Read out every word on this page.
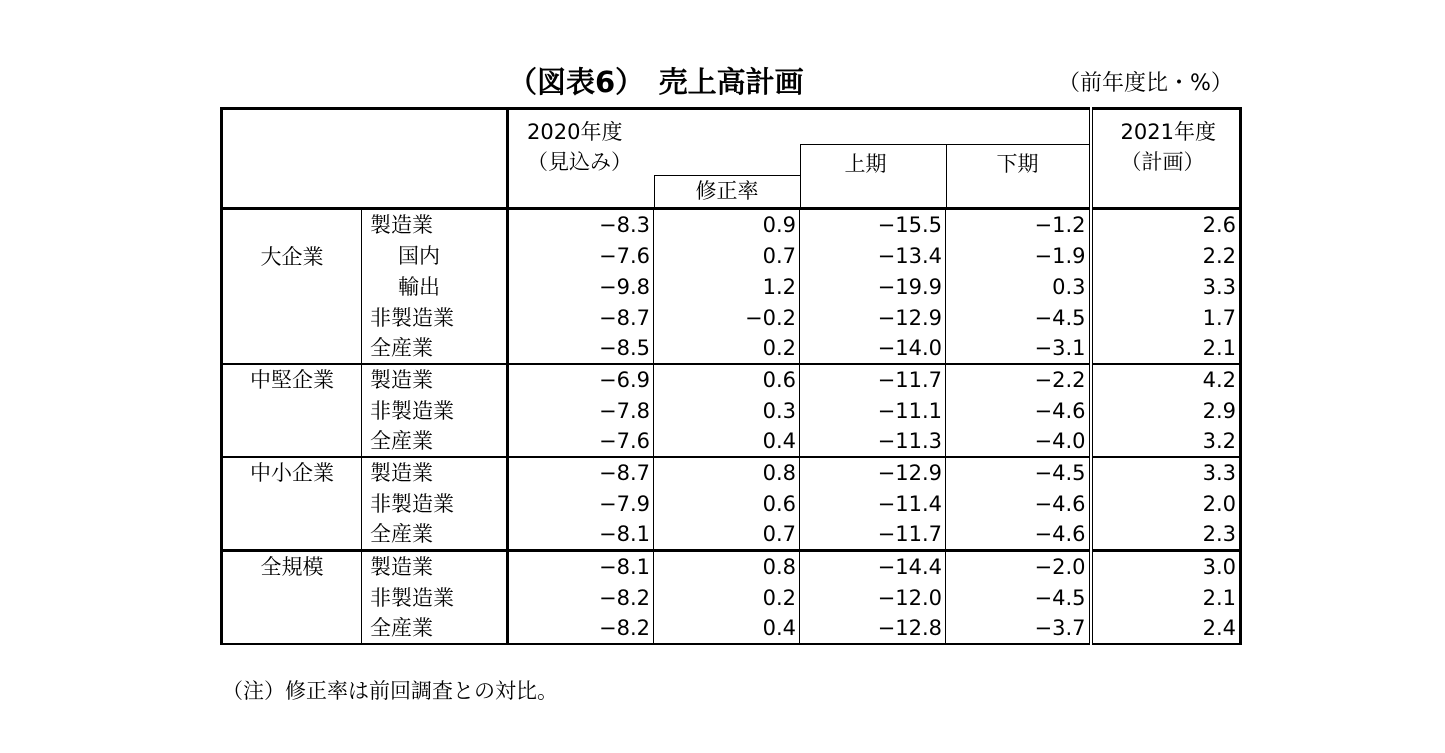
（図表6）　売上高計画	（前年度比・%）
		2020年度
（見込み）	修正率	上期	下期	2021年度
（計画）
大企業	製造業	−8.3	0.9	−15.5	−1.2	2.6
	国内	−7.6	0.7	−13.4	−1.9	2.2
	輸出	−9.8	1.2	−19.9	0.3	3.3
	非製造業	−8.7	−0.2	−12.9	−4.5	1.7
	全産業	−8.5	0.2	−14.0	−3.1	2.1
中堅企業	製造業	−6.9	0.6	−11.7	−2.2	4.2
	非製造業	−7.8	0.3	−11.1	−4.6	2.9
	全産業	−7.6	0.4	−11.3	−4.0	3.2
中小企業	製造業	−8.7	0.8	−12.9	−4.5	3.3
	非製造業	−7.9	0.6	−11.4	−4.6	2.0
	全産業	−8.1	0.7	−11.7	−4.6	2.3
全規模	製造業	−8.1	0.8	−14.4	−2.0	3.0
	非製造業	−8.2	0.2	−12.0	−4.5	2.1
	全産業	−8.2	0.4	−12.8	−3.7	2.4
（注）修正率は前回調査との対比。
